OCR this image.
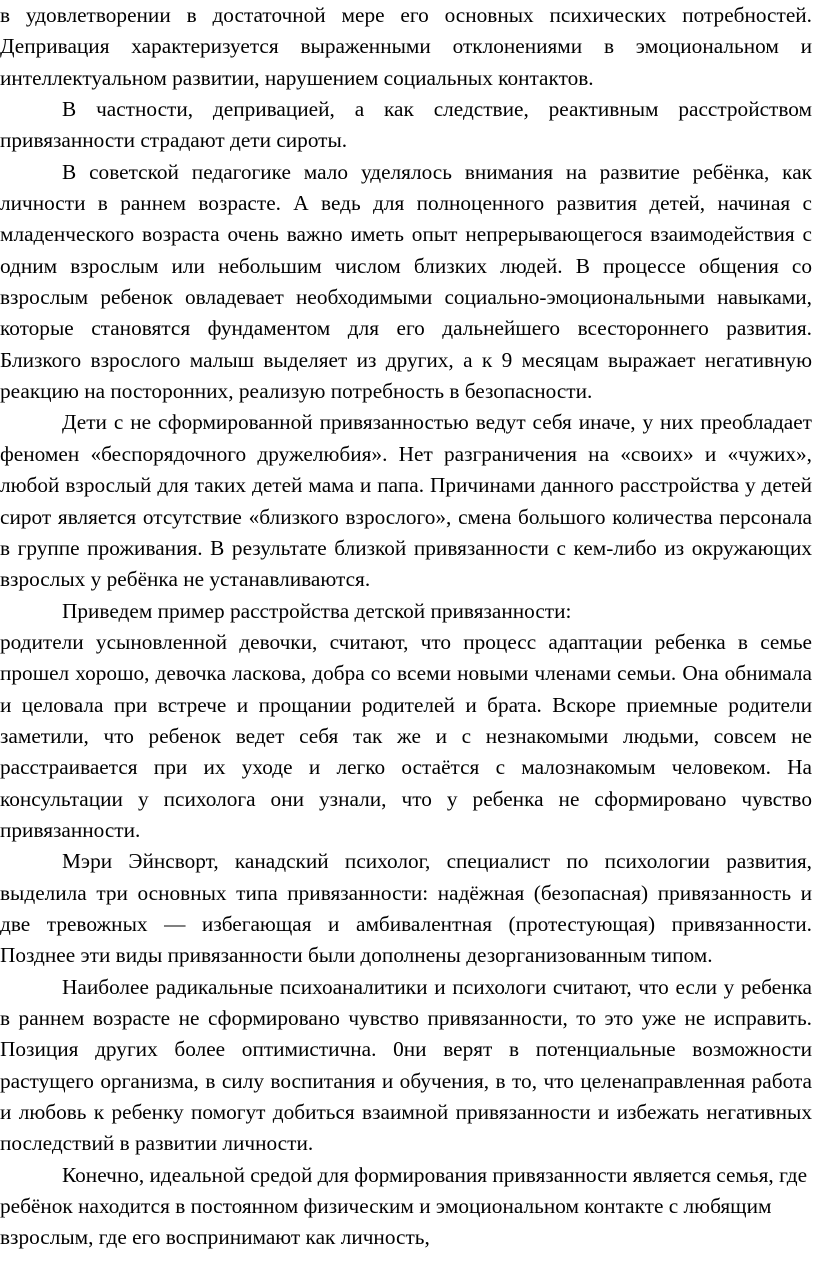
в удовлетворении в достаточной мере его основных психических потребностей. Депривация характеризуется выраженными отклонениями в эмоциональном и интеллектуальном развитии, нарушением социальных контактов.

В частности, депривацией, а как следствие, реактивным расстройством привязанности страдают дети сироты.

В советской педагогике мало уделялось внимания на развитие ребёнка, как личности в раннем возрасте. А ведь для полноценного развития детей, начиная с младенческого возраста очень важно иметь опыт непрерывающегося взаимодействия с одним взрослым или небольшим числом близких людей. В процессе общения со взрослым ребенок овладевает необходимыми социально-эмоциональными навыками, которые становятся фундаментом для его дальнейшего всестороннего развития. Близкого взрослого малыш выделяет из других, а к 9 месяцам выражает негативную реакцию на посторонних, реализую потребность в безопасности.

Дети с не сформированной привязанностью ведут себя иначе, у них преобладает феномен «беспорядочного дружелюбия». Нет разграничения на «своих» и «чужих», любой взрослый для таких детей мама и папа. Причинами данного расстройства у детей сирот является отсутствие «близкого взрослого», смена большого количества персонала в группе проживания. В результате близкой привязанности с кем-либо из окружающих взрослых у ребёнка не устанавливаются.

Приведем пример расстройства детской привязанности:

родители усыновленной девочки, считают, что процесс адаптации ребенка в семье прошел хорошо, девочка ласкова, добра со всеми новыми членами семьи. Она обнимала и целовала при встрече и прощании родителей и брата. Вскоре приемные родители заметили, что ребенок ведет себя так же и с незнакомыми людьми, совсем не расстраивается при их уходе и легко остаётся с малознакомым человеком. На консультации у психолога они узнали, что у ребенка не сформировано чувство привязанности.

Мэри Эйнсворт, канадский психолог, специалист по психологии развития, выделила три основных типа привязанности: надёжная (безопасная) привязанность и две тревожных — избегающая и амбивалентная (протестующая) привязанности. Позднее эти виды привязанности были дополнены дезорганизованным типом.

Наиболее радикальные психоаналитики и психологи считают, что если у ребенка в раннем возрасте не сформировано чувство привязанности, то это уже не исправить. Позиция других более оптимистична. 0ни верят в потенциальные возможности растущего организма, в силу воспитания и обучения, в то, что целенаправленная работа и любовь к ребенку помогут добиться взаимной привязанности и избежать негативных последствий в развитии личности.

Конечно, идеальной средой для формирования привязанности является семья, где ребёнок находится в постоянном физическим и эмоциональном контакте с любящим взрослым, где его воспринимают как личность,
